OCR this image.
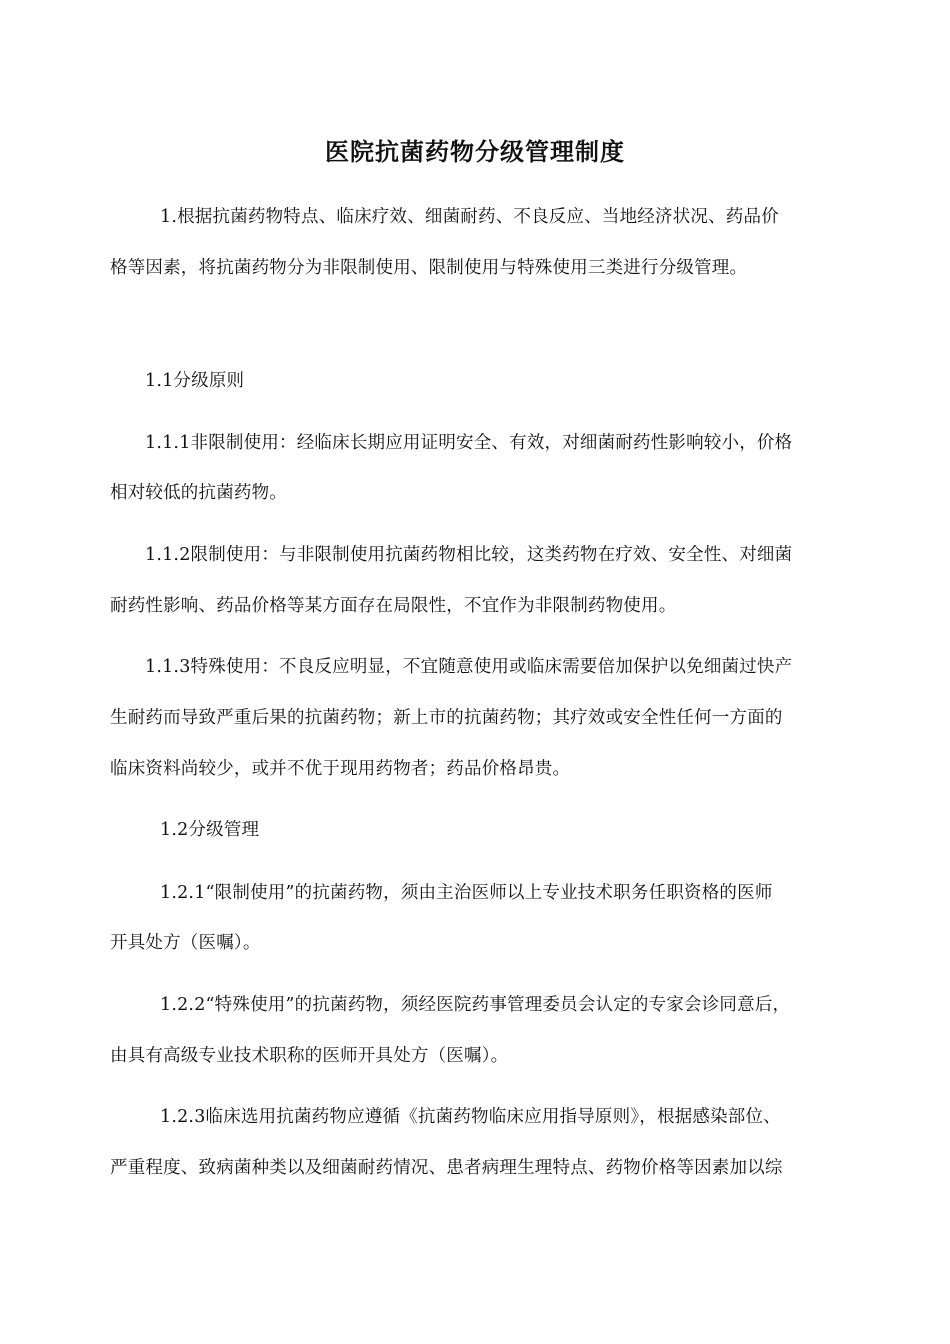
医院抗菌药物分级管理制度
1.根据抗菌药物特点、临床疗效、细菌耐药、不良反应、当地经济状况、药品价
格等因素，将抗菌药物分为非限制使用、限制使用与特殊使用三类进行分级管理。
1.1分级原则
1.1.1非限制使用：经临床长期应用证明安全、有效，对细菌耐药性影响较小，价格
相对较低的抗菌药物。
1.1.2限制使用：与非限制使用抗菌药物相比较，这类药物在疗效、安全性、对细菌
耐药性影响、药品价格等某方面存在局限性，不宜作为非限制药物使用。
1.1.3特殊使用：不良反应明显，不宜随意使用或临床需要倍加保护以免细菌过快产
生耐药而导致严重后果的抗菌药物；新上市的抗菌药物；其疗效或安全性任何一方面的
临床资料尚较少，或并不优于现用药物者；药品价格昂贵。
1.2分级管理
1.2.1“限制使用”的抗菌药物，须由主治医师以上专业技术职务任职资格的医师
开具处方（医嘱）。
1.2.2“特殊使用”的抗菌药物，须经医院药事管理委员会认定的专家会诊同意后，
由具有高级专业技术职称的医师开具处方（医嘱）。
1.2.3临床选用抗菌药物应遵循《抗菌药物临床应用指导原则》，根据感染部位、
严重程度、致病菌种类以及细菌耐药情况、患者病理生理特点、药物价格等因素加以综
